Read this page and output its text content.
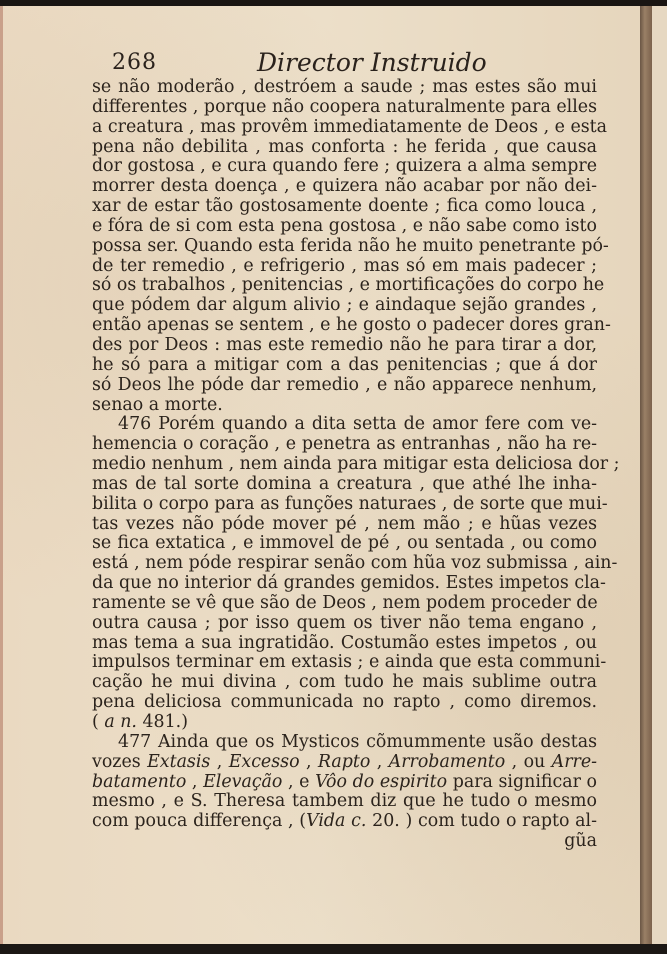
268	Director Instruido
se não moderão , destróem a saude ; mas estes são mui
differentes , porque não coopera naturalmente para elles
a creatura , mas provêm immediatamente de Deos , e esta
pena não debilita , mas conforta : he ferida , que causa
dor gostosa , e cura quando fere ; quizera a alma sempre
morrer desta doença , e quizera não acabar por não dei-
xar de estar tão gostosamente doente ; fica como louca ,
e fóra de si com esta pena gostosa , e não sabe como isto
possa ser. Quando esta ferida não he muito penetrante pó-
de ter remedio , e refrigerio , mas só em mais padecer ;
só os trabalhos , penitencias , e mortificações do corpo he
que pódem dar algum alivio ; e aindaque sejão grandes ,
então apenas se sentem , e he gosto o padecer dores gran-
des por Deos : mas este remedio não he para tirar a dor,
he só para a mitigar com a das penitencias ; que á dor
só Deos lhe póde dar remedio , e não apparece nenhum,
senao a morte.
476 Porém quando a dita setta de amor fere com ve-
hemencia o coração , e penetra as entranhas , não ha re-
medio nenhum , nem ainda para mitigar esta deliciosa dor ;
mas de tal sorte domina a creatura , que athé lhe inha-
bilita o corpo para as funções naturaes , de sorte que mui-
tas vezes não póde mover pé , nem mão ; e hũas vezes
se fica extatica , e immovel de pé , ou sentada , ou como
está , nem póde respirar senão com hũa voz submissa , ain-
da que no interior dá grandes gemidos. Estes impetos cla-
ramente se vê que são de Deos , nem podem proceder de
outra causa ; por isso quem os tiver não tema engano ,
mas tema a sua ingratidão. Costumão estes impetos , ou
impulsos terminar em extasis ; e ainda que esta communi-
cação he mui divina , com tudo he mais sublime outra
pena deliciosa communicada no rapto , como diremos.
( a n. 481.)
477 Ainda que os Mysticos cõmummente usão destas
vozes Extasis , Excesso , Rapto , Arrobamento , ou Arre-
batamento , Elevação , e Vôo do espirito para significar o
mesmo , e S. Theresa tambem diz que he tudo o mesmo
com pouca differença , (Vida c. 20. ) com tudo o rapto al-
gũa
